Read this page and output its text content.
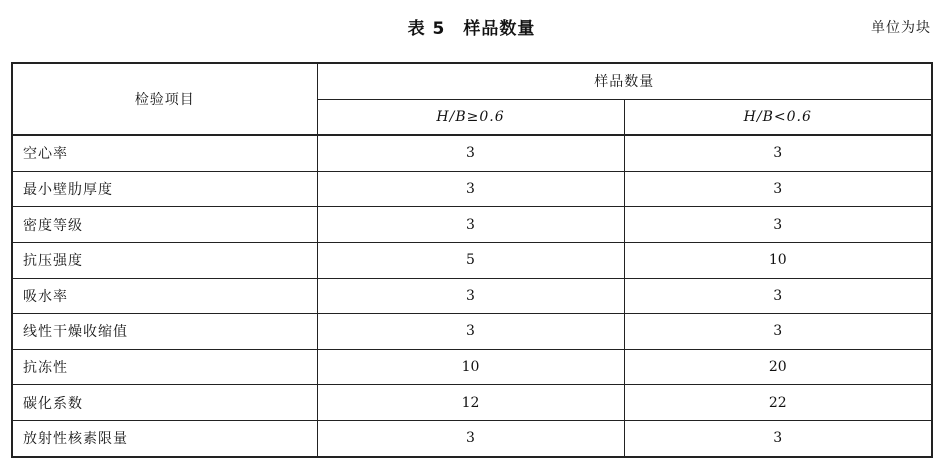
表 5　样品数量	单位为块
检验项目	样品数量	
	H/B≥0.6	H/B<0.6
空心率	3	3
最小壁肋厚度	3	3
密度等级	3	3
抗压强度	5	10
吸水率	3	3
线性干燥收缩值	3	3
抗冻性	10	20
碳化系数	12	22
放射性核素限量	3	3
